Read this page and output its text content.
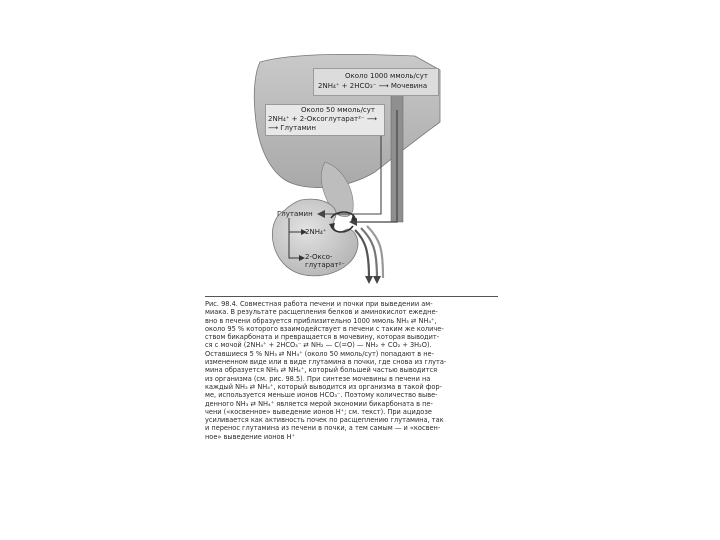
Около 1000 ммоль/сут
2NH₄⁺ + 2HCO₃⁻ ⟶ Мочевина
Около 50 ммоль/сут
2NH₄⁺ + 2-Оксоглутарат²⁻ ⟶
⟶ Глутамин
Глутамин
2NH₄⁺
2-Оксо-
глутарат²⁻
Рис. 98.4. Совместная работа печени и почки при выведении ам-
миака. В результате расщепления белков и аминокислот ежедне-
вно в печени образуется приблизительно 1000 ммоль NH₃ ⇄ NH₄⁺,
около 95 % которого взаимодействует в печени с таким же количе-
ством бикарбоната и превращается в мочевину, которая выводит-
ся с мочой (2NH₄⁺ + 2HCO₃⁻ ⇄ NH₂ — C(=O) — NH₂ + CO₂ + 3H₂O).
Оставшиеся 5 % NH₃ ⇄ NH₄⁺ (около 50 ммоль/сут) попадают в не-
измененном виде или в виде глутамина в почки, где снова из глута-
мина образуется NH₃ ⇄ NH₄⁺, который большей частью выводится
из организма (см. рис. 98.5). При синтезе мочевины в печени на
каждый NH₃ ⇄ NH₄⁺, который выводится из организма в такой фор-
ме, используется меньше ионов HCO₃⁻. Поэтому количество выве-
денного NH₃ ⇄ NH₄⁺ является мерой экономии бикарбоната в пе-
чени («косвенное» выведение ионов H⁺; см. текст). При ацидозе
усиливается как активность почек по расщеплению глутамина, так
и перенос глутамина из печени в почки, а тем самым — и «косвен-
ное» выведение ионов H⁺
